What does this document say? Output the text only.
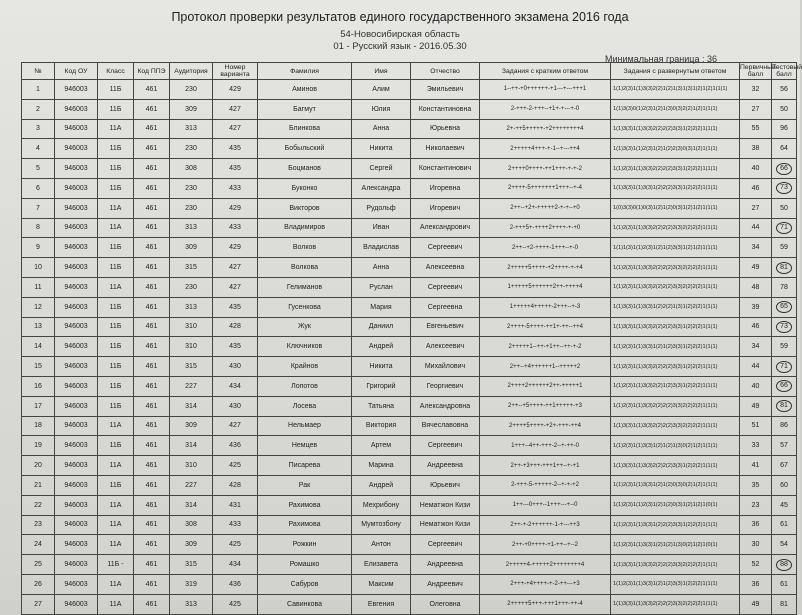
Протокол проверки результатов единого государственного экзамена 2016 года
54-Новосибирская область
01 - Русский язык - 2016.05.30
Минимальная граница : 36
№	Код ОУ	Класс	Код ППЭ	Аудитория	Номер варианта	Фамилия	Имя	Отчество	Задания с кратким ответом	Задания с развернутым ответом	Первичный балл	Тестовый балл
1	946003	11Б	461	230	429	Аминов	Алим	Эмильевич	1--++-+0++++++-+1---+---+++1	1(1)2(3)1(1)3(3)2(2)1(2)1(3)1(3)1(2)1(2)1(1(1)	32	56
2	946003	11Б	461	309	427	Багмут	Юлия	Константиновна	2-+++-2-+++--+1+-+---+-0	1(1)3(3)0(1)2(3)1(2)1(3)0(3)2(2)1(2)1(1(1)	27	50
3	946003	11А	461	313	427	Блинкова	Анна	Юрьевна	2+-++5+++++-+2++++++++4	1(1)3(3)1(1)3(3)2(2)2(2)3(3)1(2)2(2)1(1(1)	55	96
4	946003	11Б	461	230	435	Бобыльский	Никита	Николаевич	2+++++4+++-+-1--+---++4	1(1)3(3)1(1)2(3)1(2)1(2)2(3)0(3)1(2)1(1(1)	38	64
5	946003	11Б	461	308	435	Боцманов	Сергей	Константинович	2++++0++++-++1+++-+-+-2	1(1)2(3)1(1)3(3)2(2)2(2)3(3)1(2)2(2)1(1(1)	40	66
6	946003	11Б	461	230	433	Буконко	Александра	Игоревна	2++++-5+++++++1+++--+-4	1(1)3(3)1(1)3(3)1(2)2(2)3(3)1(2)2(2)1(1(1)	46	73
7	946003	11А	461	230	429	Викторов	Рудольф	Игоревич	2++--+2+-+++++2-+-+--+0	1(0)3(3)0(1)0(3)1(2)1(2)0(3)1(2)1(2)1(1(1)	27	50
8	946003	11А	461	313	433	Владимиров	Иван	Александрович	2-+++5+-++++2++++-+-+0	1(1)2(3)1(1)3(3)2(2)2(2)3(3)2(2)2(2)1(1(1)	44	71
9	946003	11Б	461	309	429	Волков	Владислав	Сергеевич	2++--+2-++++-1+++--+-0	1(1)1(3)1(1)2(3)1(2)1(2)3(3)1(2)1(2)1(1(1)	34	59
10	946003	11Б	461	315	427	Волкова	Анна	Алексеевна	2+++++5++++-+2++++-+-+4	1(1)2(3)1(1)3(3)2(2)2(2)3(3)2(2)2(2)1(1(1)	49	81
11	946003	11А	461	230	427	Гелиманов	Руслан	Сергеевич	1+++++5++++++2++-++++4	1(1)2(3)1(1)3(3)2(2)2(2)3(3)2(2)2(2)1(1(1)	48	78
12	946003	11Б	461	313	435	Гусенкова	Мария	Сергеевна	1+++++4+++++-2+++--+-3	1(1)3(3)1(1)3(3)1(2)2(2)1(3)1(2)2(2)1(1(1)	39	65
13	946003	11Б	461	310	428	Жук	Даниил	Евгеньевич	2++++-5++++-++1+-++--++4	1(1)3(3)1(1)3(3)2(2)2(2)3(3)1(2)2(2)1(1(1)	46	73
14	946003	11Б	461	310	435	Ключников	Андрей	Алексеевич	2+++++1--++-+1++--++-+-2	1(1)2(3)1(1)3(3)1(2)1(2)3(3)1(2)2(2)1(1(1)	34	59
15	946003	11Б	461	315	430	Крайнов	Никита	Михайлович	2++--+4++++++1--+++++2	1(1)2(3)1(1)3(3)2(2)2(2)3(3)1(2)2(2)1(1(1)	44	71
16	946003	11Б	461	227	434	Лопотов	Григорий	Георгиевич	2++++2++++++2++-+++++1	1(1)2(3)1(1)3(3)2(2)1(2)3(3)1(2)2(2)1(1(1)	40	66
17	946003	11Б	461	314	430	Лосева	Татьяна	Александровна	2++--+5++++-++1+++++-+3	1(1)2(3)1(1)3(3)2(2)2(2)3(3)2(2)2(2)1(1(1)	49	81
18	946003	11А	461	309	427	Нельмаер	Виктория	Вячеславовна	2++++5++++-+2+-+++-++4	1(1)3(3)1(1)3(3)2(2)2(2)3(3)2(2)2(2)1(1(1)	51	86
19	946003	11Б	461	314	436	Немцев	Артем	Сергеевич	1+++--4++-+++-2--+-++-0	1(1)2(3)1(1)3(3)1(2)1(2)1(3)0(2)1(2)1(1(1)	33	57
20	946003	11А	461	310	425	Писарева	Марина	Андреевна	2++-+3+++-+++1++--+-+1	1(1)3(3)1(1)3(3)2(2)2(2)3(3)1(2)2(2)1(1(1)	41	67
21	946003	11Б	461	227	428	Рак	Андрей	Юрьевич	2-+++-5-+++++-2--+-+-+2	1(1)2(3)1(1)3(3)1(2)1(2)0(3)0(2)1(2)1(1(1)	35	60
22	946003	11А	461	314	431	Рахимова	Мехрибону	Нематжон Кизи	1++---0+++--1+++---+--0	1(1)2(3)1(1)2(3)1(2)1(2)0(3)1(2)1(2)1(0(1)	23	45
23	946003	11А	461	308	433	Рахимова	Мумтозбону	Нематжон Кизи	2++-+-2++++++-1-+---++3	1(1)2(3)1(1)3(3)1(2)2(2)3(3)1(2)2(2)1(1(1)	36	61
24	946003	11А	461	309	425	Рожкин	Антон	Сергеевич	2++-+0++++-+1-++--+--2	1(1)2(3)1(1)3(3)1(2)1(2)1(3)0(2)1(2)1(0(1)	30	54
25	946003	11Б -	461	315	434	Ромашко	Елизавета	Андреевна	2+++++4-+++++2++++++++4	1(1)3(3)1(1)3(3)2(2)2(2)3(3)2(2)2(2)1(1(1)	52	88
26	946003	11А	461	319	436	Сабуров	Максим	Андреевич	2+++-+4++++-+-2-++---+3	1(1)2(3)1(1)3(3)1(2)1(2)3(3)1(2)2(2)1(1(1)	36	61
27	946003	11А	461	313	425	Савинкова	Евгения	Олеговна	2+++++5+++-+++1+++-++-4	1(1)3(3)1(1)3(3)2(2)2(2)3(3)2(2)2(2)1(1(1)	49	81
